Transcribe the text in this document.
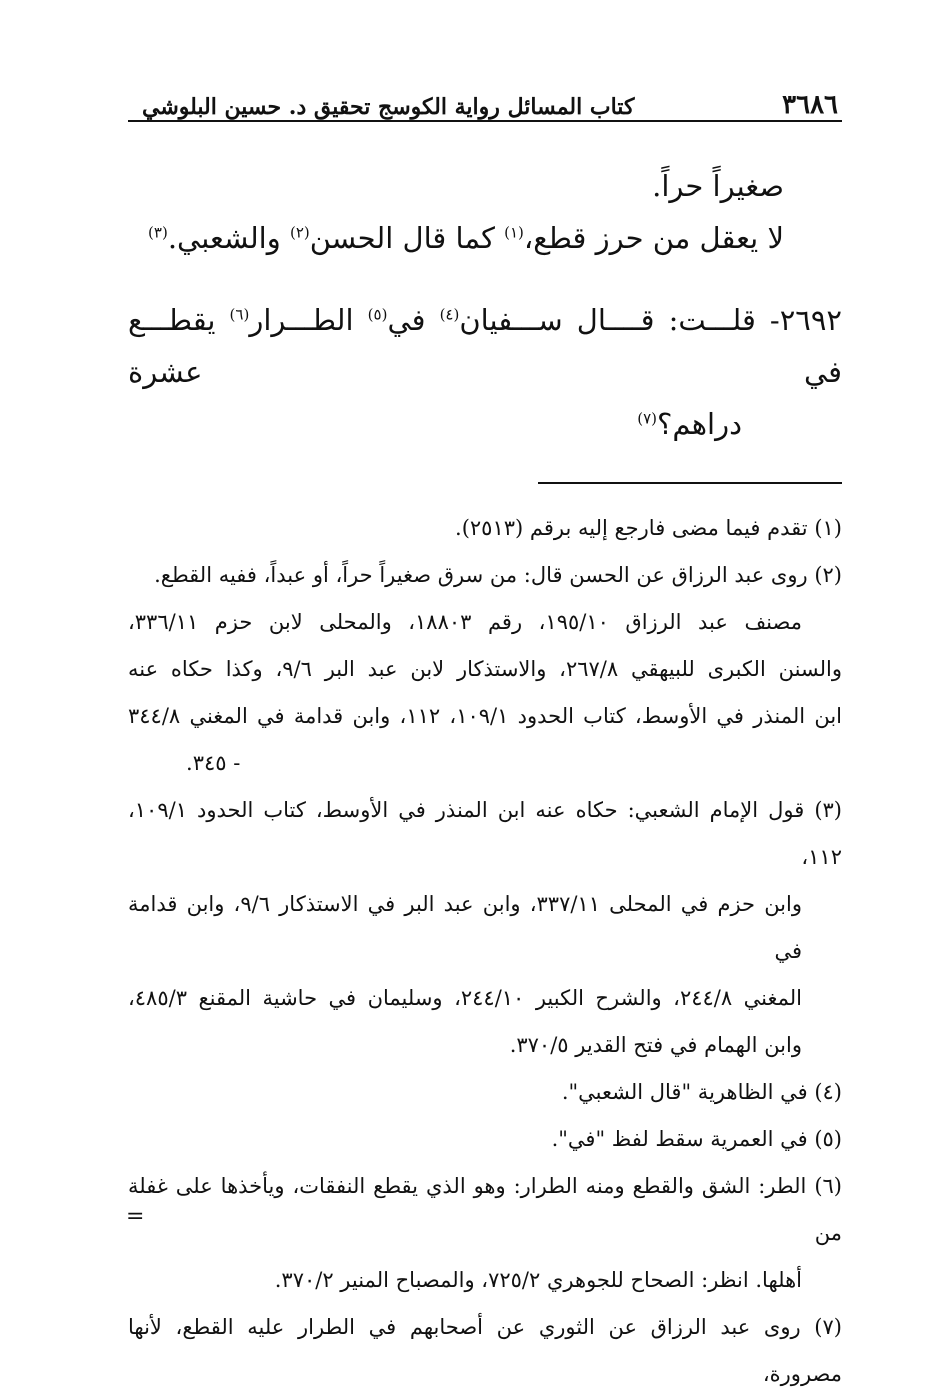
٣٦٨٦
كتاب المسائل رواية الكوسج تحقيق د. حسين البلوشي
صغيراً حراً.
لا يعقل من حرز قطع،$^{(١)}$ كما قال الحسن$^{(٢)}$ والشعبي.$^{(٣)}$
٢٦٩٢- قلـــت: قــــال ســـفيان$^{(٤)}$ في$^{(٥)}$ الطـــرار$^{(٦)}$ يقطـــع في عشرة
دراهم؟$^{(٧)}$
(١) تقدم فيما مضى فارجع إليه برقم (٢٥١٣).
(٢) روى عبد الرزاق عن الحسن قال: من سرق صغيراً حراً، أو عبداً، ففيه القطع.
مصنف عبد الرزاق ١٩٥/١٠، رقم ١٨٨٠٣، والمحلى لابن حزم ٣٣٦/١١،
والسنن الكبرى للبيهقي ٢٦٧/٨، والاستذكار لابن عبد البر ٩/٦، وكذا حكاه عنه
ابن المنذر في الأوسط، كتاب الحدود ١٠٩/١، ١١٢، وابن قدامة في المغني ٣٤٤/٨
- ٣٤٥.
(٣) قول الإمام الشعبي: حكاه عنه ابن المنذر في الأوسط، كتاب الحدود ١٠٩/١، ١١٢،
وابن حزم في المحلى ٣٣٧/١١، وابن عبد البر في الاستذكار ٩/٦، وابن قدامة في
المغني ٢٤٤/٨، والشرح الكبير ٢٤٤/١٠، وسليمان في حاشية المقنع ٤٨٥/٣،
وابن الهمام في فتح القدير ٣٧٠/٥.
(٤) في الظاهرية "قال الشعبي".
(٥) في العمرية سقط لفظ "في".
(٦) الطر: الشق والقطع ومنه الطرار: وهو الذي يقطع النفقات، ويأخذها على غفلة من
أهلها. انظر: الصحاح للجوهري ٧٢٥/٢، والمصباح المنير ٣٧٠/٢.
(٧) روى عبد الرزاق عن الثوري عن أصحابهم في الطرار عليه القطع، لأنها مصرورة،
=
